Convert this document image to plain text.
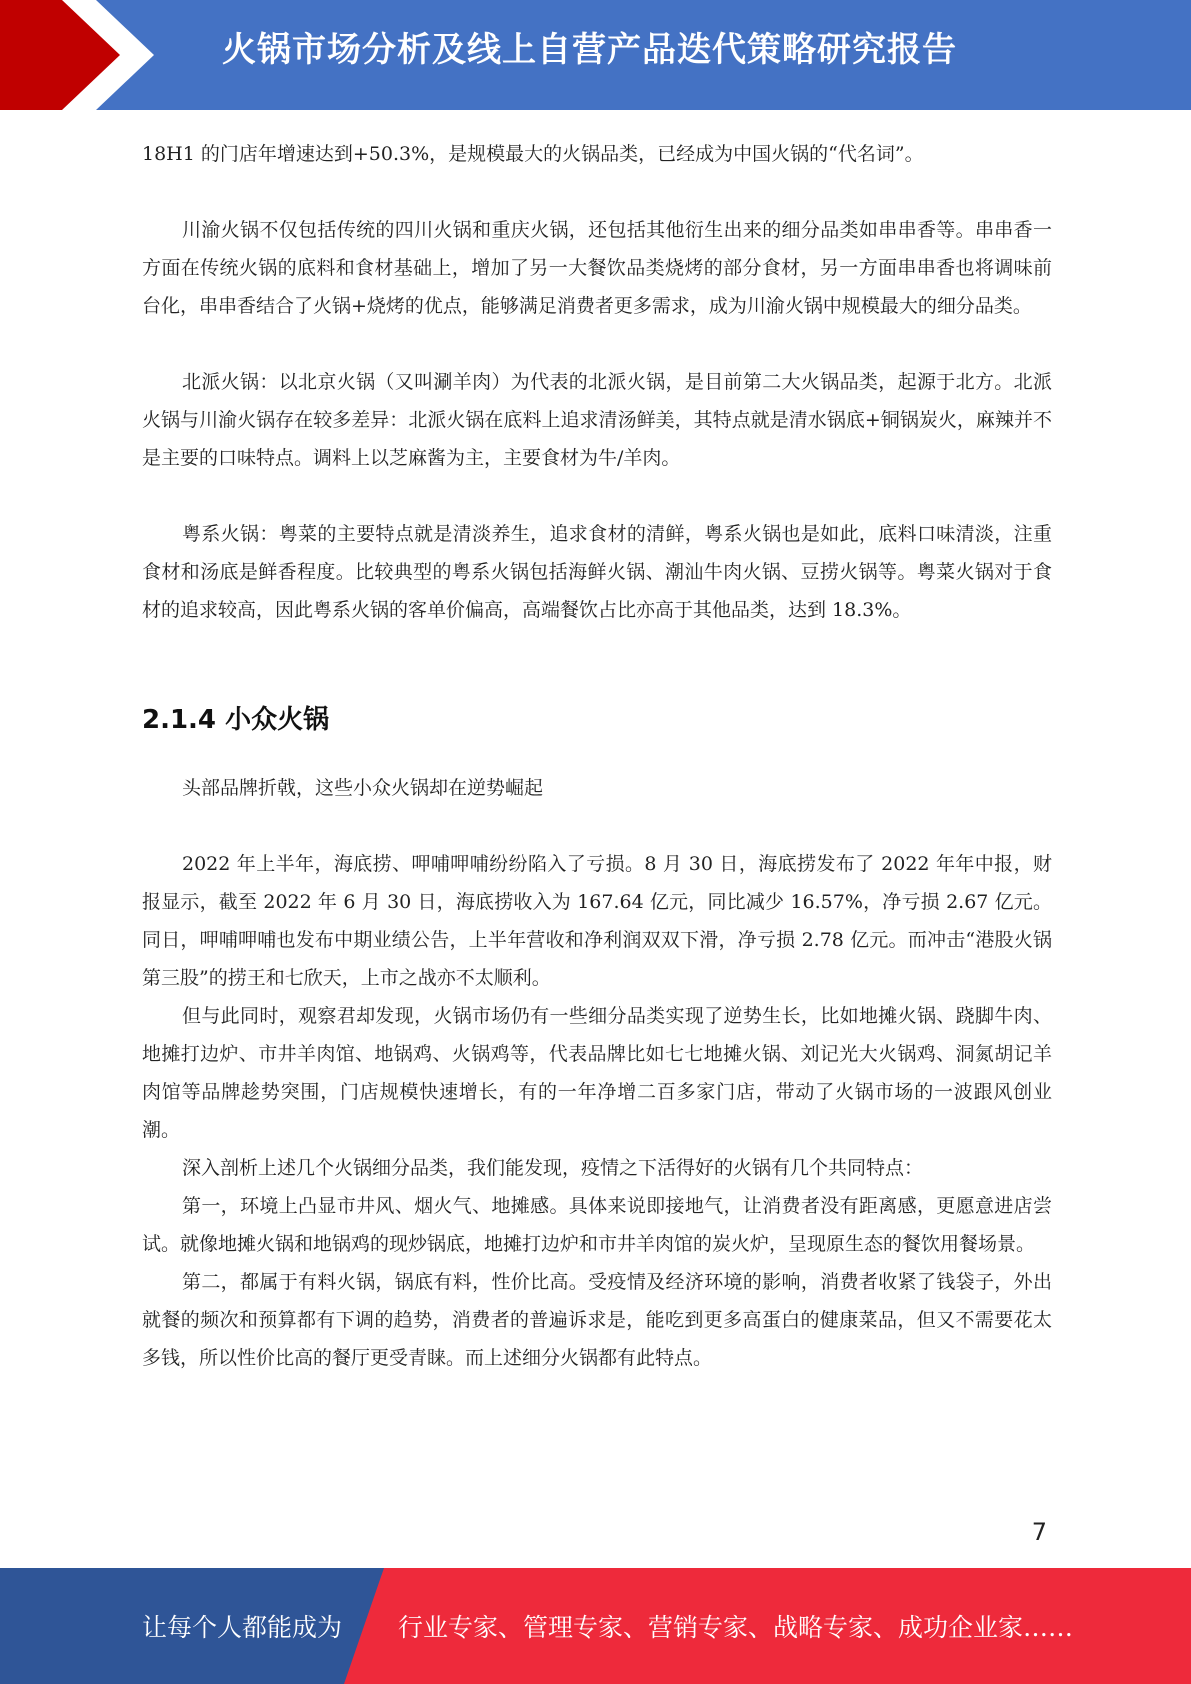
火锅市场分析及线上自营产品迭代策略研究报告

18H1 的门店年增速达到+50.3%，是规模最大的火锅品类，已经成为中国火锅的“代名词”。

川渝火锅不仅包括传统的四川火锅和重庆火锅，还包括其他衍生出来的细分品类如串串香等。串串香一方面在传统火锅的底料和食材基础上，增加了另一大餐饮品类烧烤的部分食材，另一方面串串香也将调味前台化，串串香结合了火锅+烧烤的优点，能够满足消费者更多需求，成为川渝火锅中规模最大的细分品类。

北派火锅：以北京火锅（又叫涮羊肉）为代表的北派火锅，是目前第二大火锅品类，起源于北方。北派火锅与川渝火锅存在较多差异：北派火锅在底料上追求清汤鲜美，其特点就是清水锅底+铜锅炭火，麻辣并不是主要的口味特点。调料上以芝麻酱为主，主要食材为牛/羊肉。

粤系火锅：粤菜的主要特点就是清淡养生，追求食材的清鲜，粤系火锅也是如此，底料口味清淡，注重食材和汤底是鲜香程度。比较典型的粤系火锅包括海鲜火锅、潮汕牛肉火锅、豆捞火锅等。粤菜火锅对于食材的追求较高，因此粤系火锅的客单价偏高，高端餐饮占比亦高于其他品类，达到 18.3%。

2.1.4 小众火锅

头部品牌折戟，这些小众火锅却在逆势崛起

2022 年上半年，海底捞、呷哺呷哺纷纷陷入了亏损。8 月 30 日，海底捞发布了 2022 年年中报，财报显示，截至 2022 年 6 月 30 日，海底捞收入为 167.64 亿元，同比减少 16.57%，净亏损 2.67 亿元。同日，呷哺呷哺也发布中期业绩公告，上半年营收和净利润双双下滑，净亏损 2.78 亿元。而冲击“港股火锅第三股”的捞王和七欣天，上市之战亦不太顺利。

但与此同时，观察君却发现，火锅市场仍有一些细分品类实现了逆势生长，比如地摊火锅、跷脚牛肉、地摊打边炉、市井羊肉馆、地锅鸡、火锅鸡等，代表品牌比如七七地摊火锅、刘记光大火锅鸡、洞氮胡记羊肉馆等品牌趁势突围，门店规模快速增长，有的一年净增二百多家门店，带动了火锅市场的一波跟风创业潮。

深入剖析上述几个火锅细分品类，我们能发现，疫情之下活得好的火锅有几个共同特点：

第一，环境上凸显市井风、烟火气、地摊感。具体来说即接地气，让消费者没有距离感，更愿意进店尝试。就像地摊火锅和地锅鸡的现炒锅底，地摊打边炉和市井羊肉馆的炭火炉，呈现原生态的餐饮用餐场景。

第二，都属于有料火锅，锅底有料，性价比高。受疫情及经济环境的影响，消费者收紧了钱袋子，外出就餐的频次和预算都有下调的趋势，消费者的普遍诉求是，能吃到更多高蛋白的健康菜品，但又不需要花太多钱，所以性价比高的餐厅更受青睐。而上述细分火锅都有此特点。

7
让每个人都能成为 行业专家、管理专家、营销专家、战略专家、成功企业家……
